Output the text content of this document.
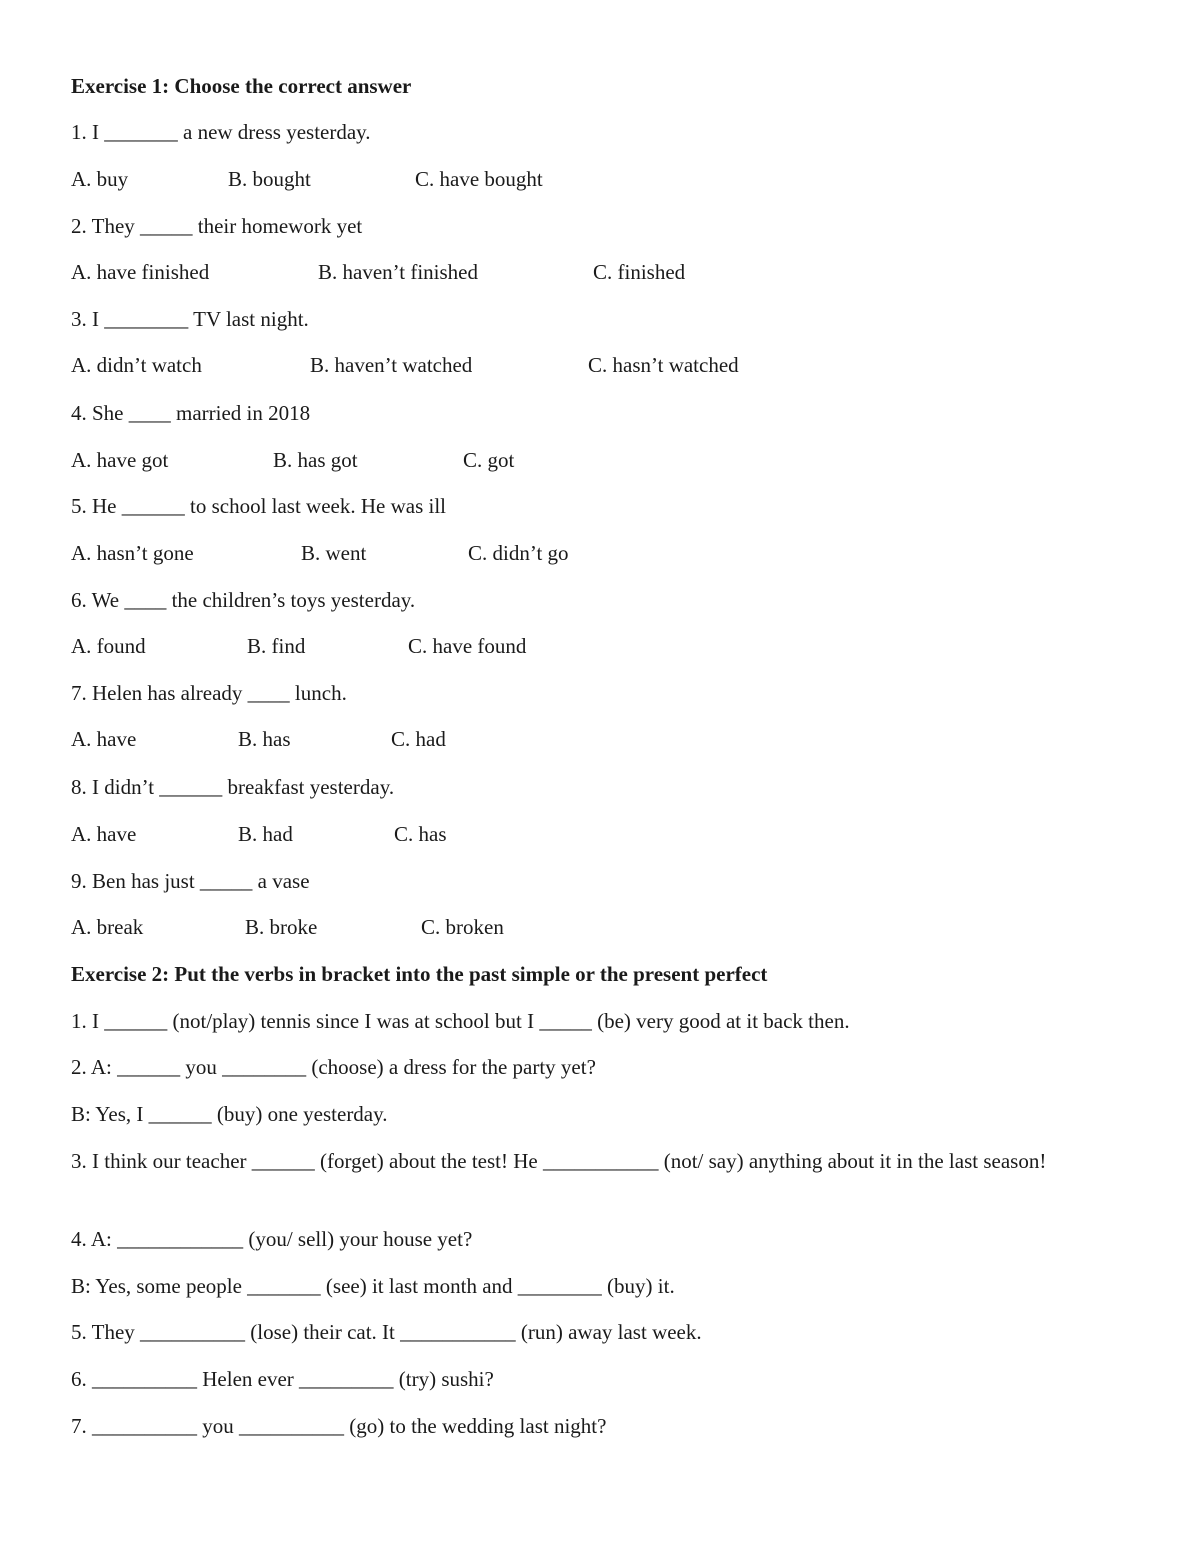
Exercise 1: Choose the correct answer
1. I _______ a new dress yesterday.

A. buy

	B. bought

	C. have bought

2. They _____ their homework yet

A. have finished

	B. haven’t finished

	C. finished

3. I ________ TV last night.

A. didn’t watch

	B. haven’t watched

	C. hasn’t watched

4. She ____ married in 2018

A. have got

	B. has got

	C. got

5. He ______ to school last week. He was ill

A. hasn’t gone

	B. went

	C. didn’t go

6. We ____ the children’s toys yesterday.

A. found

	B. find

	C. have found

7. Helen has already ____ lunch.

A. have

	B. has

	C. had

8. I didn’t ______ breakfast yesterday.

A. have

	B. had

	C. has

9. Ben has just _____ a vase

A. break

	B. broke

	C. broken

Exercise 2: Put the verbs in bracket into the past simple or the present perfect
1. I ______ (not/play) tennis since I was at school but I _____ (be) very good at it back then.
2. A: ______ you ________ (choose) a dress for the party yet?
B: Yes, I ______ (buy) one yesterday.
3. I think our teacher ______ (forget) about the test! He ___________ (not/ say) anything about it in the last season!
4. A: ____________ (you/ sell) your house yet?
B: Yes, some people _______ (see) it last month and ________ (buy) it.
5. They __________ (lose) their cat. It ___________ (run) away last week.
6. __________ Helen ever _________ (try) sushi?
7. __________ you __________ (go) to the wedding last night?
